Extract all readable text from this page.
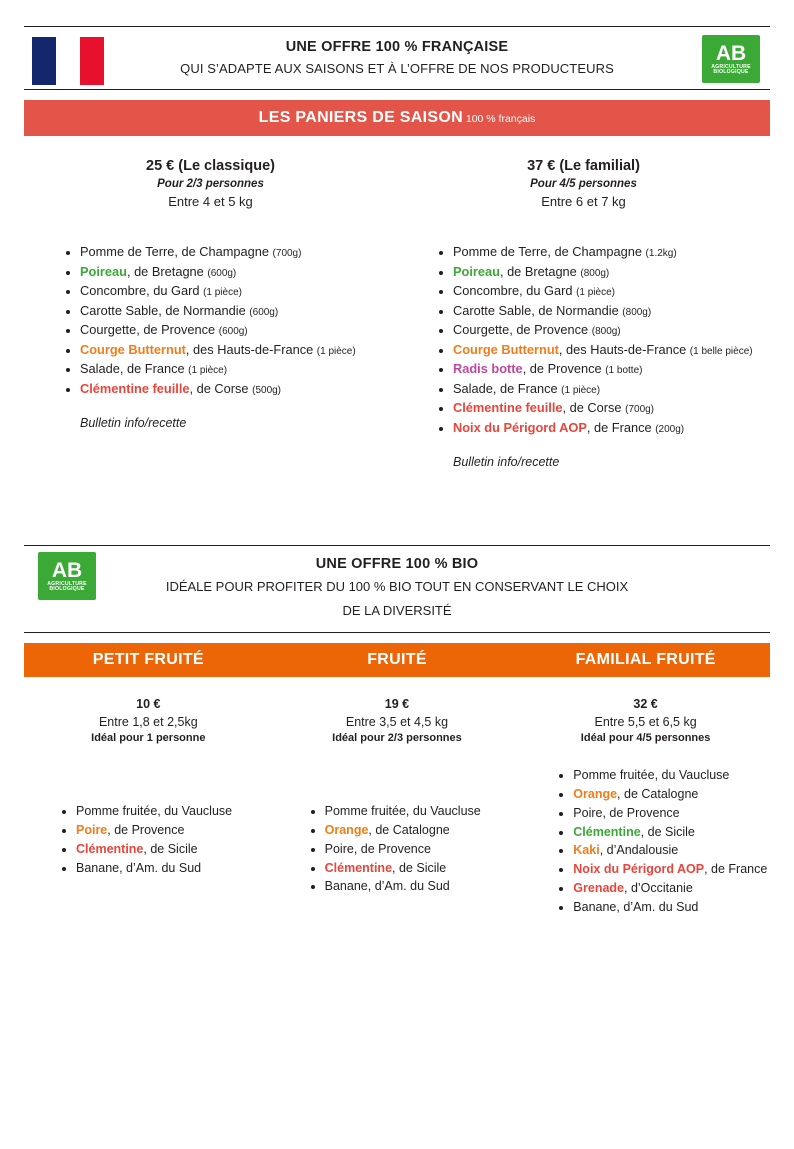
UNE OFFRE 100 % FRANÇAISE
QUI S’ADAPTE AUX SAISONS ET À L’OFFRE DE NOS PRODUCTEURS
AB
AGRICULTURE
BIOLOGIQUE
LES PANIERS DE SAISON 100 % français
25 € (Le classique)
Pour 2/3 personnes
Entre 4 et 5 kg
• Pomme de Terre, de Champagne (700g)
• Poireau, de Bretagne (600g)
• Concombre, du Gard (1 pièce)
• Carotte Sable, de Normandie (600g)
• Courgette, de Provence (600g)
• Courge Butternut, des Hauts-de-France (1 pièce)
• Salade, de France (1 pièce)
• Clémentine feuille, de Corse (500g)
Bulletin info/recette
37 € (Le familial)
Pour 4/5 personnes
Entre 6 et 7 kg
• Pomme de Terre, de Champagne (1.2kg)
• Poireau, de Bretagne (800g)
• Concombre, du Gard (1 pièce)
• Carotte Sable, de Normandie (800g)
• Courgette, de Provence (800g)
• Courge Butternut, des Hauts-de-France (1 belle pièce)
• Radis botte, de Provence (1 botte)
• Salade, de France (1 pièce)
• Clémentine feuille, de Corse (700g)
• Noix du Périgord AOP, de France (200g)
Bulletin info/recette
AB
AGRICULTURE
BIOLOGIQUE
UNE OFFRE 100 % BIO
IDÉALE POUR PROFITER DU 100 % BIO TOUT EN CONSERVANT LE CHOIX
DE LA DIVERSITÉ
PETIT FRUITÉ	FRUITÉ	FAMILIAL FRUITÉ
10 €
Entre 1,8 et 2,5kg
Idéal pour 1 personne
19 €
Entre 3,5 et 4,5 kg
Idéal pour 2/3 personnes
32 €
Entre 5,5 et 6,5 kg
Idéal pour 4/5 personnes
• Pomme fruitée, du Vaucluse
• Poire, de Provence
• Clémentine, de Sicile
• Banane, d’Am. du Sud
• Pomme fruitée, du Vaucluse
• Orange, de Catalogne
• Poire, de Provence
• Clémentine, de Sicile
• Banane, d’Am. du Sud
• Pomme fruitée, du Vaucluse
• Orange, de Catalogne
• Poire, de Provence
• Clémentine, de Sicile
• Kaki, d’Andalousie
• Noix du Périgord AOP, de France
• Grenade, d’Occitanie
• Banane, d’Am. du Sud
